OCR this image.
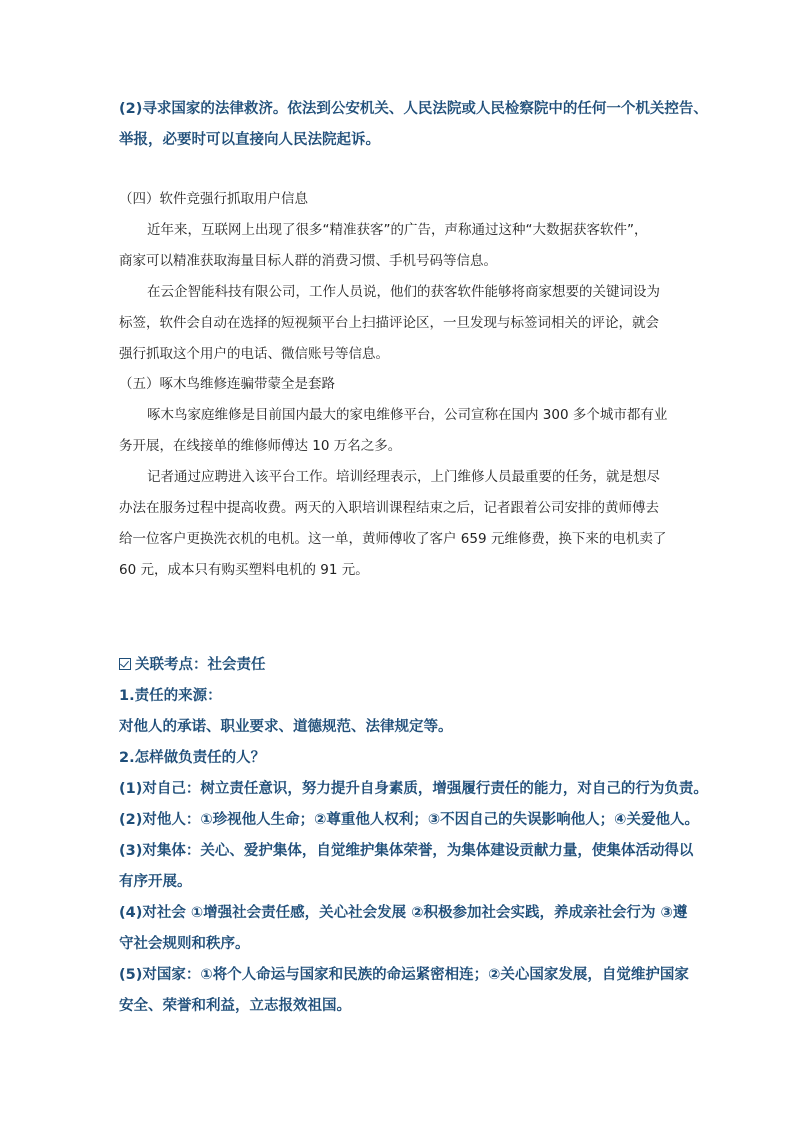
(2)寻求国家的法律救济。依法到公安机关、人民法院或人民检察院中的任何一个机关控告、
举报，必要时可以直接向人民法院起诉。
（四）软件竞强行抓取用户信息
近年来，互联网上出现了很多“精准获客”的广告，声称通过这种“大数据获客软件”，
商家可以精准获取海量目标人群的消费习惯、手机号码等信息。
在云企智能科技有限公司，工作人员说，他们的获客软件能够将商家想要的关键词设为
标签，软件会自动在选择的短视频平台上扫描评论区，一旦发现与标签词相关的评论，就会
强行抓取这个用户的电话、微信账号等信息。
（五）啄木鸟维修连骗带蒙全是套路
啄木鸟家庭维修是目前国内最大的家电维修平台，公司宣称在国内 300 多个城市都有业
务开展，在线接单的维修师傅达 10 万名之多。
记者通过应聘进入该平台工作。培训经理表示，上门维修人员最重要的任务，就是想尽
办法在服务过程中提高收费。两天的入职培训课程结束之后，记者跟着公司安排的黄师傅去
给一位客户更换洗衣机的电机。这一单，黄师傅收了客户 659 元维修费，换下来的电机卖了
60 元，成本只有购买塑料电机的 91 元。
关联考点：社会责任
1.责任的来源：
对他人的承诺、职业要求、道德规范、法律规定等。
2.怎样做负责任的人？
(1)对自己：树立责任意识，努力提升自身素质，增强履行责任的能力，对自己的行为负责。
(2)对他人：①珍视他人生命；②尊重他人权利；③不因自己的失误影响他人；④关爱他人。
(3)对集体：关心、爱护集体，自觉维护集体荣誉，为集体建设贡献力量，使集体活动得以
有序开展。
(4)对社会 ①增强社会责任感，关心社会发展 ②积极参加社会实践，养成亲社会行为 ③遵
守社会规则和秩序。
(5)对国家：①将个人命运与国家和民族的命运紧密相连；②关心国家发展，自觉维护国家
安全、荣誉和利益，立志报效祖国。
